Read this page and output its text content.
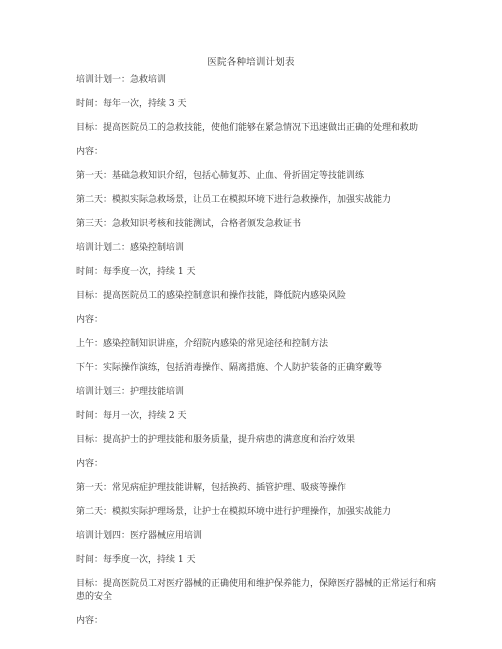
医院各种培训计划表

培训计划一：急救培训

时间：每年一次，持续 3 天

目标：提高医院员工的急救技能，使他们能够在紧急情况下迅速做出正确的处理和救助

内容：

第一天：基础急救知识介绍，包括心肺复苏、止血、骨折固定等技能训练

第二天：模拟实际急救场景，让员工在模拟环境下进行急救操作，加强实战能力

第三天：急救知识考核和技能测试，合格者颁发急救证书

培训计划二：感染控制培训

时间：每季度一次，持续 1 天

目标：提高医院员工的感染控制意识和操作技能，降低院内感染风险

内容：

上午：感染控制知识讲座，介绍院内感染的常见途径和控制方法

下午：实际操作演练，包括消毒操作、隔离措施、个人防护装备的正确穿戴等

培训计划三：护理技能培训

时间：每月一次，持续 2 天

目标：提高护士的护理技能和服务质量，提升病患的满意度和治疗效果

内容：

第一天：常见病症护理技能讲解，包括换药、插管护理、吸痰等操作

第二天：模拟实际护理场景，让护士在模拟环境中进行护理操作，加强实战能力

培训计划四：医疗器械应用培训

时间：每季度一次，持续 1 天

目标：提高医院员工对医疗器械的正确使用和维护保养能力，保障医疗器械的正常运行和病患的安全

内容：
